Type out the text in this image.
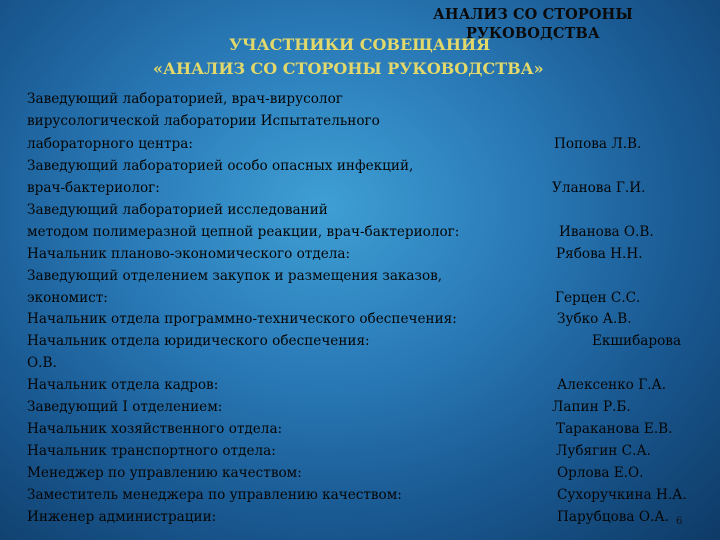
АНАЛИЗ СО СТОРОНЫ
РУКОВОДСТВА
УЧАСТНИКИ СОВЕЩАНИЯ
«АНАЛИЗ СО СТОРОНЫ РУКОВОДСТВА»
Заведующий лабораторией, врач-вирусолог
вирусологической лаборатории Испытательного
лабораторного центра:
Заведующий лабораторией особо опасных инфекций,
врач-бактериолог:
Заведующий лабораторией исследований
методом полимеразной цепной реакции, врач-бактериолог:
Начальник планово-экономического отдела:
Заведующий отделением закупок и размещения заказов,
экономист:
Начальник отдела программно-технического обеспечения:
Начальник отдела юридического обеспечения:
О.В.
Начальник отдела кадров:
Заведующий I отделением:
Начальник хозяйственного отдела:
Начальник транспортного отдела:
Менеджер по управлению качеством:
Заместитель менеджера по управлению качеством:
Инженер администрации:
Попова Л.В.
Уланова Г.И.
Иванова О.В.
Рябова Н.Н.
Герцен С.С.
Зубко А.В.
Екшибарова
Алексенко Г.А.
Лапин Р.Б.
Тараканова Е.В.
Лубягин С.А.
Орлова Е.О.
Сухоручкина Н.А.
Парубцова О.А. 6
